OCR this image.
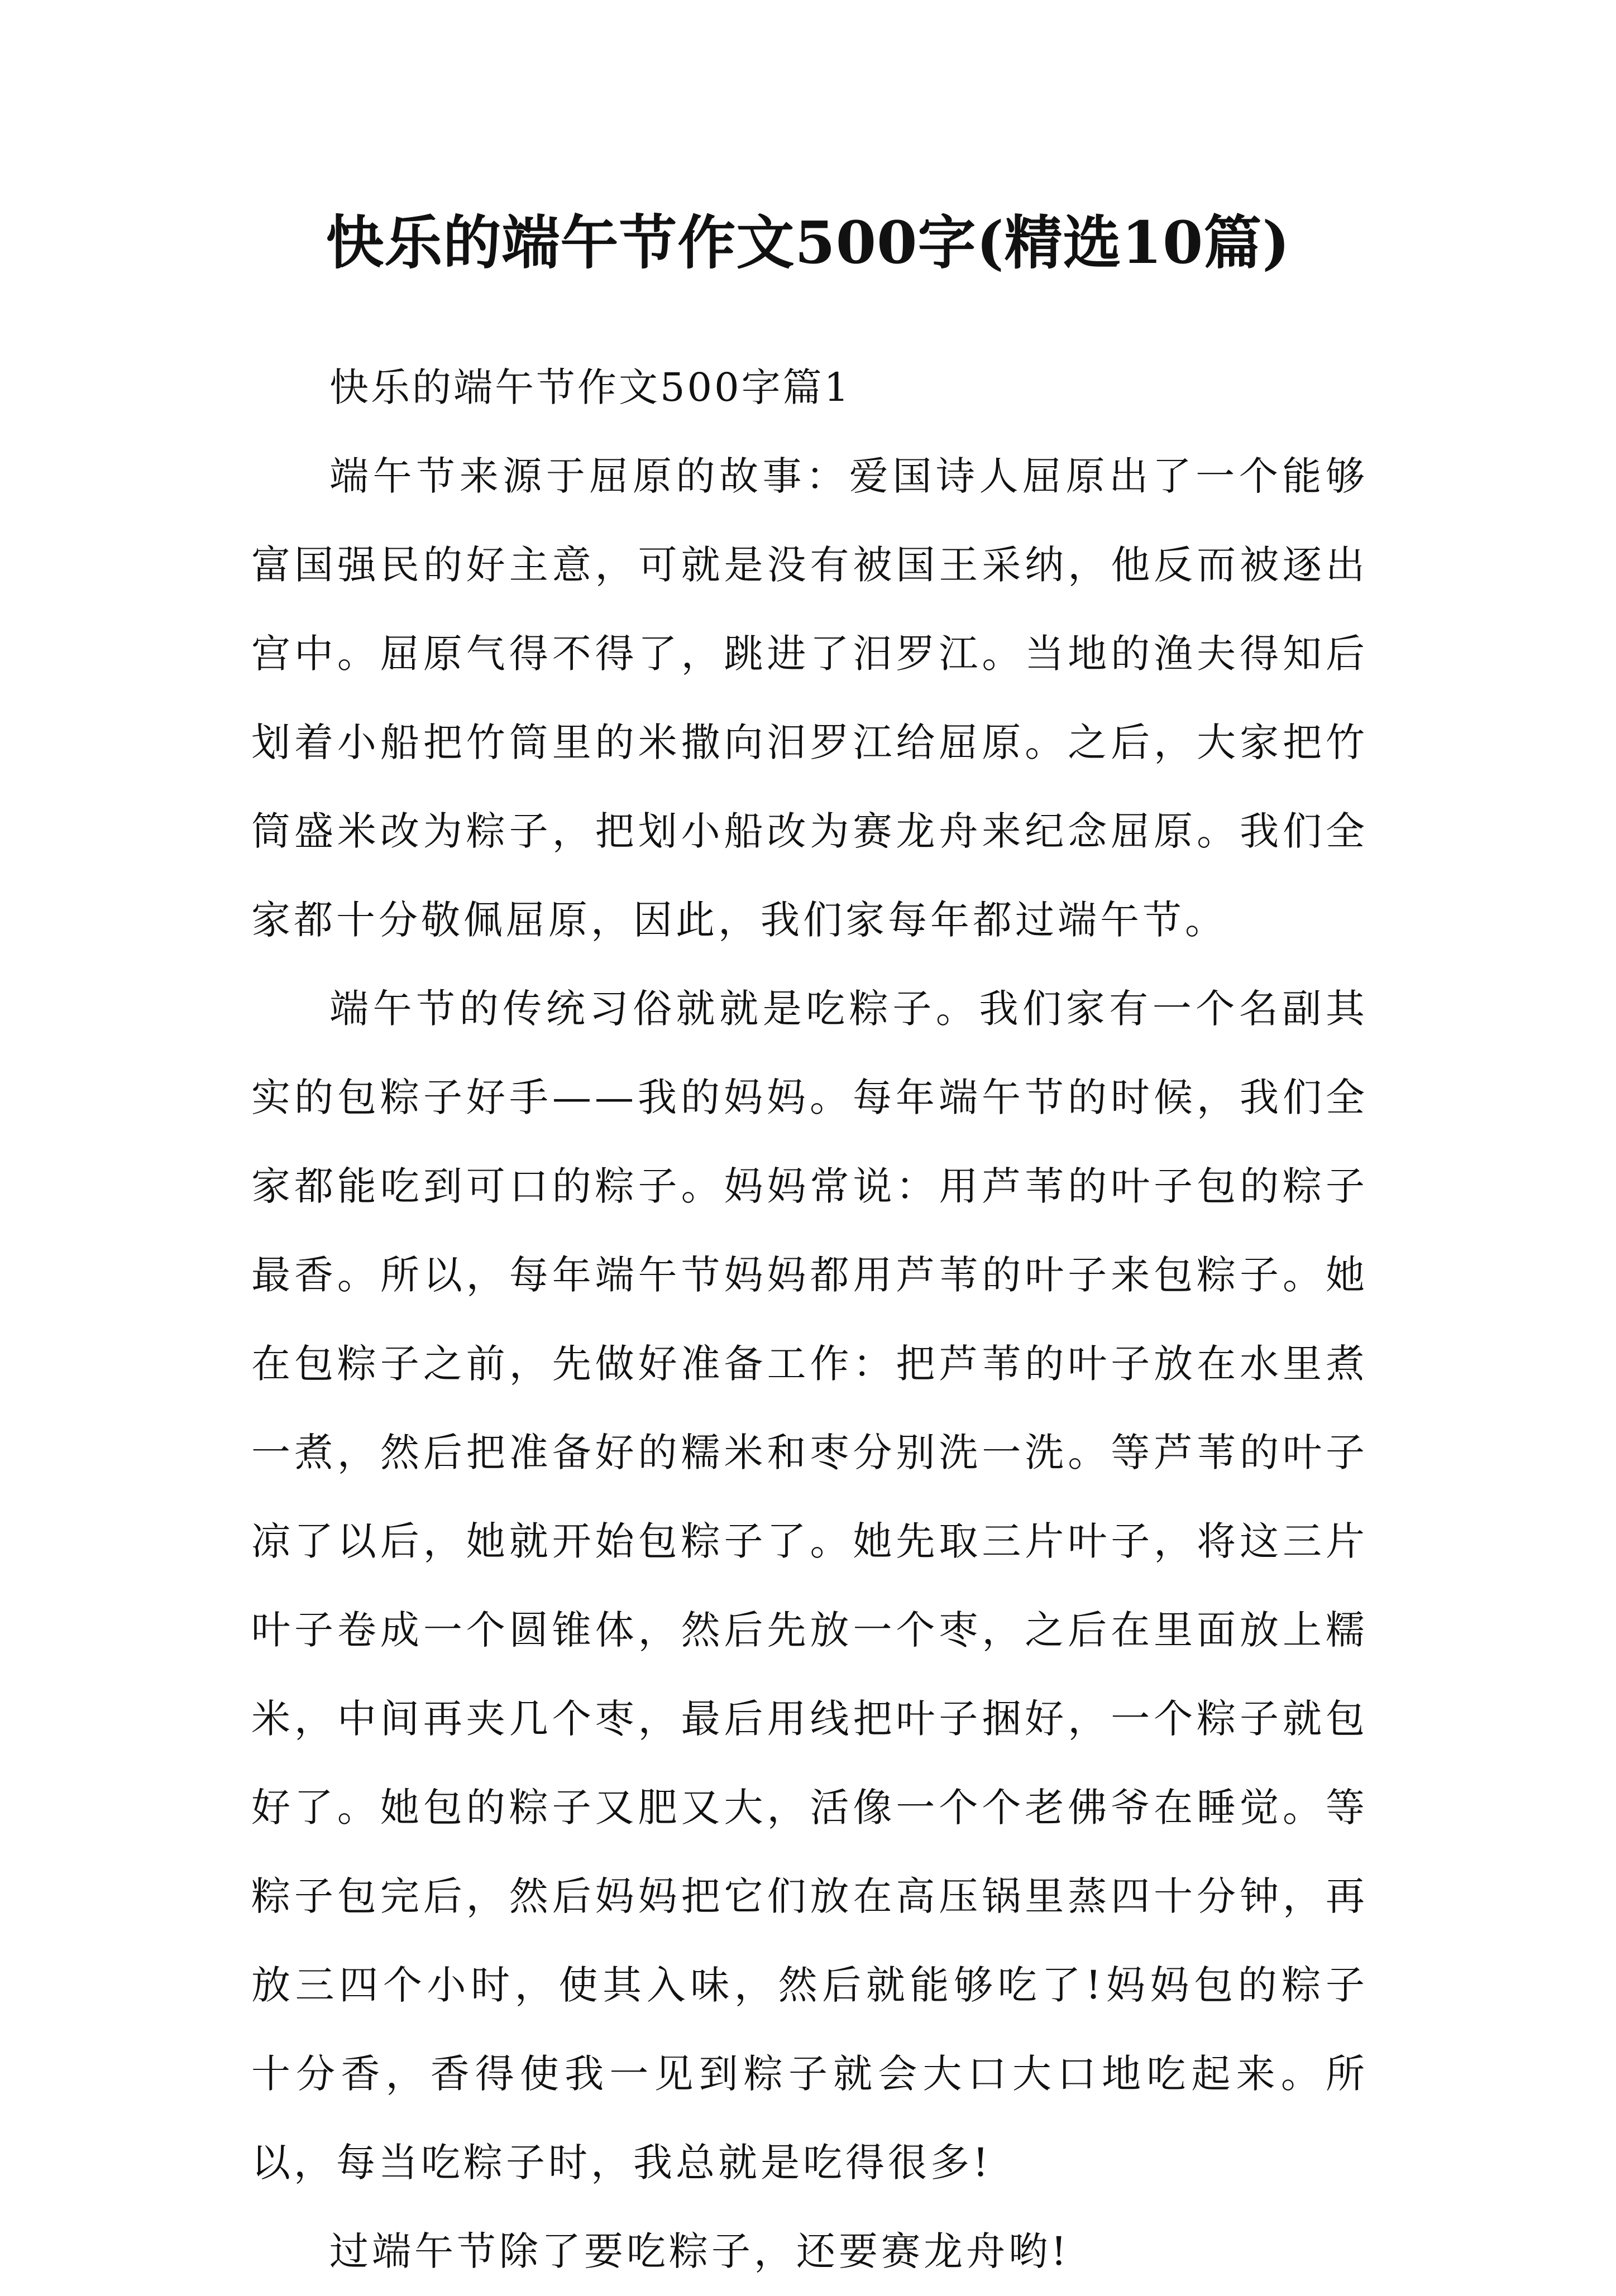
快乐的端午节作文500字(精选10篇)

快乐的端午节作文500字篇1

端午节来源于屈原的故事：爱国诗人屈原出了一个能够富国强民的好主意，可就是没有被国王采纳，他反而被逐出宫中。屈原气得不得了，跳进了汨罗江。当地的渔夫得知后划着小船把竹筒里的米撒向汨罗江给屈原。之后，大家把竹筒盛米改为粽子，把划小船改为赛龙舟来纪念屈原。我们全家都十分敬佩屈原，因此，我们家每年都过端午节。

端午节的传统习俗就就是吃粽子。我们家有一个名副其实的包粽子好手——我的妈妈。每年端午节的时候，我们全家都能吃到可口的粽子。妈妈常说：用芦苇的叶子包的粽子最香。所以，每年端午节妈妈都用芦苇的叶子来包粽子。她在包粽子之前，先做好准备工作：把芦苇的叶子放在水里煮一煮，然后把准备好的糯米和枣分别洗一洗。等芦苇的叶子凉了以后，她就开始包粽子了。她先取三片叶子，将这三片叶子卷成一个圆锥体，然后先放一个枣，之后在里面放上糯米，中间再夹几个枣，最后用线把叶子捆好，一个粽子就包好了。她包的粽子又肥又大，活像一个个老佛爷在睡觉。等粽子包完后，然后妈妈把它们放在高压锅里蒸四十分钟，再放三四个小时，使其入味，然后就能够吃了!妈妈包的粽子十分香，香得使我一见到粽子就会大口大口地吃起来。所以，每当吃粽子时，我总就是吃得很多!

过端午节除了要吃粽子，还要赛龙舟哟!
